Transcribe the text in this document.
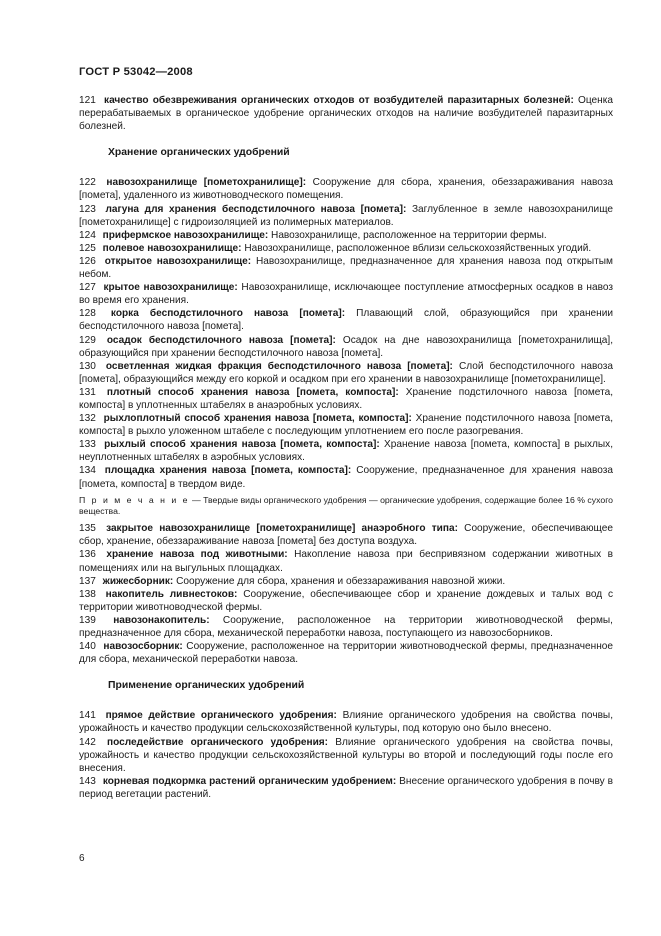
ГОСТ Р 53042—2008

121 качество обезвреживания органических отходов от возбудителей паразитарных болезней: Оценка перерабатываемых в органическое удобрение органических отходов на наличие возбудителей паразитарных болезней.

Хранение органических удобрений

122 навозохранилище [пометохранилище]: Сооружение для сбора, хранения, обеззараживания навоза [помета], удаленного из животноводческого помещения.

123 лагуна для хранения бесподстилочного навоза [помета]: Заглубленное в земле навозохранилище [пометохранилище] с гидроизоляцией из полимерных материалов.

124 прифермское навозохранилище: Навозохранилище, расположенное на территории фермы.

125 полевое навозохранилище: Навозохранилище, расположенное вблизи сельскохозяйственных угодий.

126 открытое навозохранилище: Навозохранилище, предназначенное для хранения навоза под открытым небом.

127 крытое навозохранилище: Навозохранилище, исключающее поступление атмосферных осадков в навоз во время его хранения.

128 корка бесподстилочного навоза [помета]: Плавающий слой, образующийся при хранении бесподстилочного навоза [помета].

129 осадок бесподстилочного навоза [помета]: Осадок на дне навозохранилища [пометохранилища], образующийся при хранении бесподстилочного навоза [помета].

130 осветленная жидкая фракция бесподстилочного навоза [помета]: Слой бесподстилочного навоза [помета], образующийся между его коркой и осадком при его хранении в навозохранилище [пометохранилище].

131 плотный способ хранения навоза [помета, компоста]: Хранение подстилочного навоза [помета, компоста] в уплотненных штабелях в анаэробных условиях.

132 рыхлоплотный способ хранения навоза [помета, компоста]: Хранение подстилочного навоза [помета, компоста] в рыхло уложенном штабеле с последующим уплотнением его после разогревания.

133 рыхлый способ хранения навоза [помета, компоста]: Хранение навоза [помета, компоста] в рыхлых, неуплотненных штабелях в аэробных условиях.

134 площадка хранения навоза [помета, компоста]: Сооружение, предназначенное для хранения навоза [помета, компоста] в твердом виде.

П р и м е ч а н и е — Твердые виды органического удобрения — органические удобрения, содержащие более 16 % сухого вещества.

135 закрытое навозохранилище [пометохранилище] анаэробного типа: Сооружение, обеспечивающее сбор, хранение, обеззараживание навоза [помета] без доступа воздуха.

136 хранение навоза под животными: Накопление навоза при беспривязном содержании животных в помещениях или на выгульных площадках.

137 жижесборник: Сооружение для сбора, хранения и обеззараживания навозной жижи.

138 накопитель ливнестоков: Сооружение, обеспечивающее сбор и хранение дождевых и талых вод с территории животноводческой фермы.

139 навозонакопитель: Сооружение, расположенное на территории животноводческой фермы, предназначенное для сбора, механической переработки навоза, поступающего из навозосборников.

140 навозосборник: Сооружение, расположенное на территории животноводческой фермы, предназначенное для сбора, механической переработки навоза.

Применение органических удобрений

141 прямое действие органического удобрения: Влияние органического удобрения на свойства почвы, урожайность и качество продукции сельскохозяйственной культуры, под которую оно было внесено.

142 последействие органического удобрения: Влияние органического удобрения на свойства почвы, урожайность и качество продукции сельскохозяйственной культуры во второй и последующий годы после его внесения.

143 корневая подкормка растений органическим удобрением: Внесение органического удобрения в почву в период вегетации растений.

6
